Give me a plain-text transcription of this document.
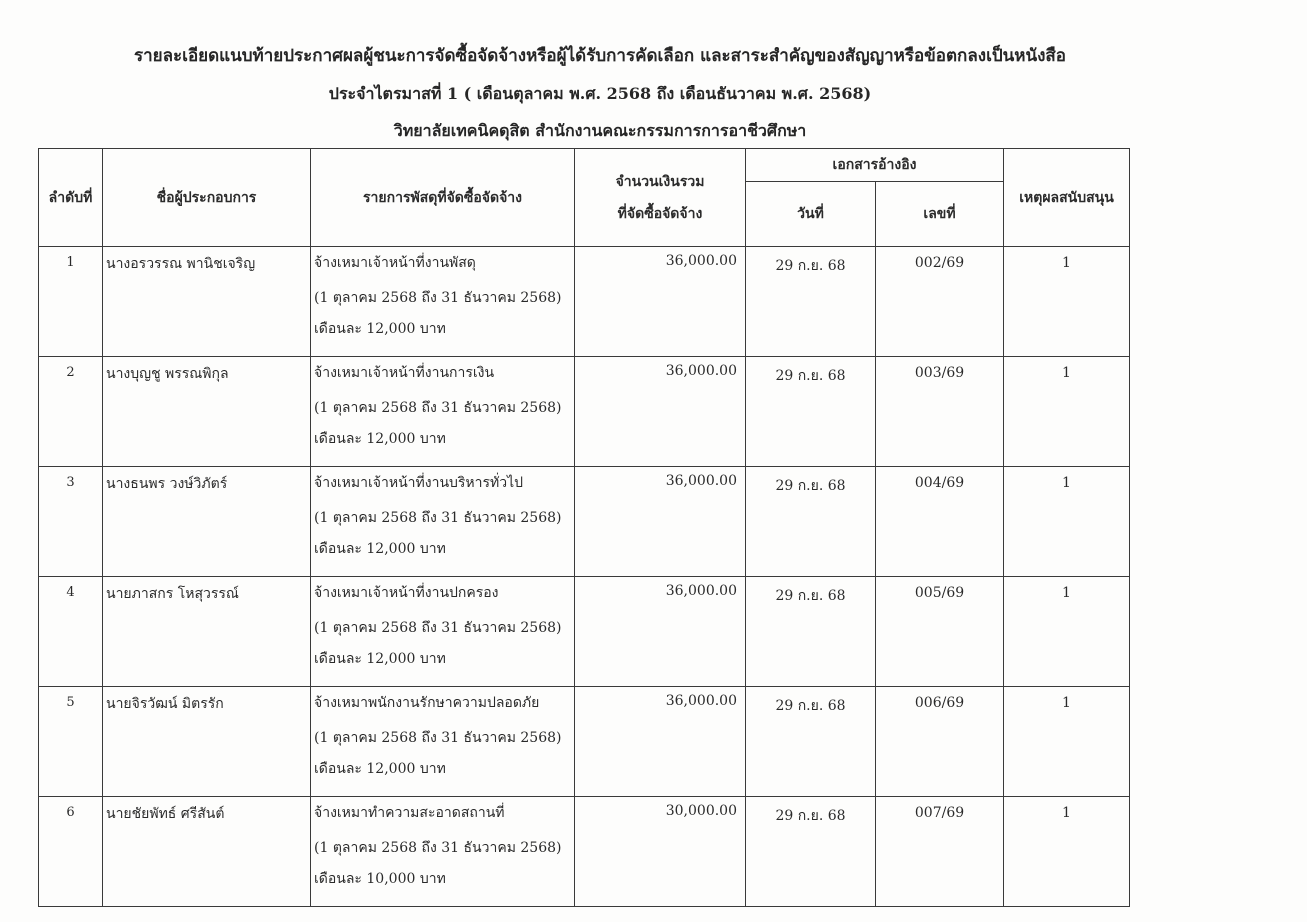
รายละเอียดแนบท้ายประกาศผลผู้ชนะการจัดซื้อจัดจ้างหรือผู้ได้รับการคัดเลือก และสาระสำคัญของสัญญาหรือข้อตกลงเป็นหนังสือ
ประจำไตรมาสที่ 1 ( เดือนตุลาคม พ.ศ. 2568 ถึง เดือนธันวาคม พ.ศ. 2568)
วิทยาลัยเทคนิคดุสิต สำนักงานคณะกรรมการการอาชีวศึกษา
ลำดับที่	ชื่อผู้ประกอบการ	รายการพัสดุที่จัดซื้อจัดจ้าง	จำนวนเงินรวม
ที่จัดซื้อจัดจ้าง	เอกสารอ้างอิง		เหตุผลสนับสนุน
				วันที่	เลขที่	
1	นางอรวรรณ พานิชเจริญ	จ้างเหมาเจ้าหน้าที่งานพัสดุ
(1 ตุลาคม 2568 ถึง 31 ธันวาคม 2568)
เดือนละ 12,000 บาท	36,000.00	29 ก.ย. 68	002/69	1
2	นางบุญชู พรรณพิกุล	จ้างเหมาเจ้าหน้าที่งานการเงิน
(1 ตุลาคม 2568 ถึง 31 ธันวาคม 2568)
เดือนละ 12,000 บาท	36,000.00	29 ก.ย. 68	003/69	1
3	นางธนพร วงษ์วิภัตร์	จ้างเหมาเจ้าหน้าที่งานบริหารทั่วไป
(1 ตุลาคม 2568 ถึง 31 ธันวาคม 2568)
เดือนละ 12,000 บาท	36,000.00	29 ก.ย. 68	004/69	1
4	นายภาสกร โหสุวรรณ์	จ้างเหมาเจ้าหน้าที่งานปกครอง
(1 ตุลาคม 2568 ถึง 31 ธันวาคม 2568)
เดือนละ 12,000 บาท	36,000.00	29 ก.ย. 68	005/69	1
5	นายจิรวัฒน์ มิตรรัก	จ้างเหมาพนักงานรักษาความปลอดภัย
(1 ตุลาคม 2568 ถึง 31 ธันวาคม 2568)
เดือนละ 12,000 บาท	36,000.00	29 ก.ย. 68	006/69	1
6	นายชัยพัทธ์ ศรีสันต์	จ้างเหมาทำความสะอาดสถานที่
(1 ตุลาคม 2568 ถึง 31 ธันวาคม 2568)
เดือนละ 10,000 บาท	30,000.00	29 ก.ย. 68	007/69	1
